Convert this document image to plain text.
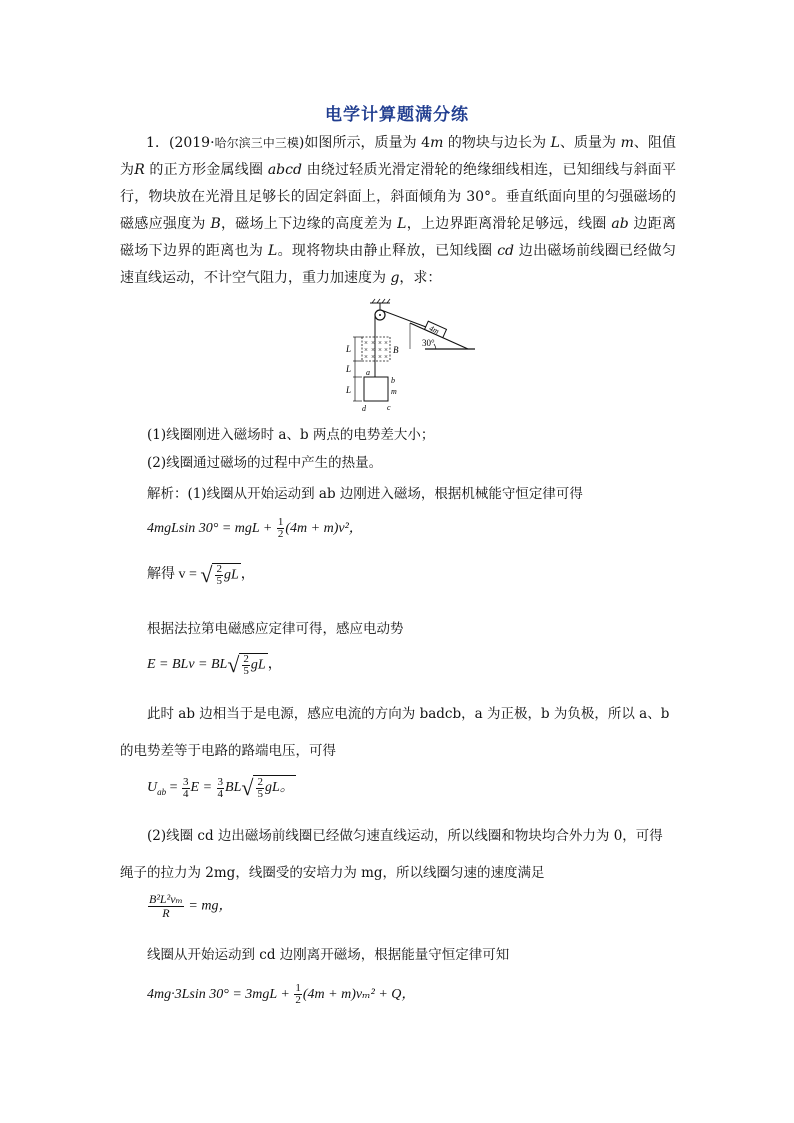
电学计算题满分练
1．(2019·哈尔滨三中三模)如图所示，质量为 4m 的物块与边长为 L、质量为 m、阻值为R 的正方形金属线圈 abcd 由绕过轻质光滑定滑轮的绝缘细线相连，已知细线与斜面平行，物块放在光滑且足够长的固定斜面上，斜面倾角为 30°。垂直纸面向里的匀强磁场的磁感应强度为 B，磁场上下边缘的高度差为 L，上边界距离滑轮足够远，线圈 ab 边距离磁场下边界的距离也为 L。现将物块由静止释放，已知线圈 cd 边出磁场前线圈已经做匀速直线运动，不计空气阻力，重力加速度为 g，求：
4m
30°
× × × ×
× × × ×
× × × ×
B
L
L
L
a
b
m
d	c
(1)线圈刚进入磁场时 a、b 两点的电势差大小；
(2)线圈通过磁场的过程中产生的热量。
解析：(1)线圈从开始运动到 ab 边刚进入磁场，根据机械能守恒定律可得
4mgLsin 30° = mgL + $\frac{1}{2} (4m + m)v^2$，
解得 v = √ $\frac{2}{5}$ gL ，
根据法拉第电磁感应定律可得，感应电动势
E = BLv = $BL√ \frac{2}{5}$ gL ，
此时 ab 边相当于是电源，感应电流的方向为 badcb，a 为正极，b 为负极，所以 a、b
的电势差等于电路的路端电压，可得
$U_{ab} = \frac{3}{4}$ $E = \frac{3}{4} BL√ \frac{2}{5}$ gL。
(2)线圈 cd 边出磁场前线圈已经做匀速直线运动，所以线圈和物块均合外力为 0，可得
绳子的拉力为 2mg，线圈受的安培力为 mg，所以线圈匀速的速度满足
$\frac{\text{B²L²vₘ}}{R}$ = mg，
线圈从开始运动到 cd 边刚离开磁场，根据能量守恒定律可知
4mg·3Lsin $30^\circ = 3mgL + \frac{1}{2} (4m + m)v_m^2 + Q$，
